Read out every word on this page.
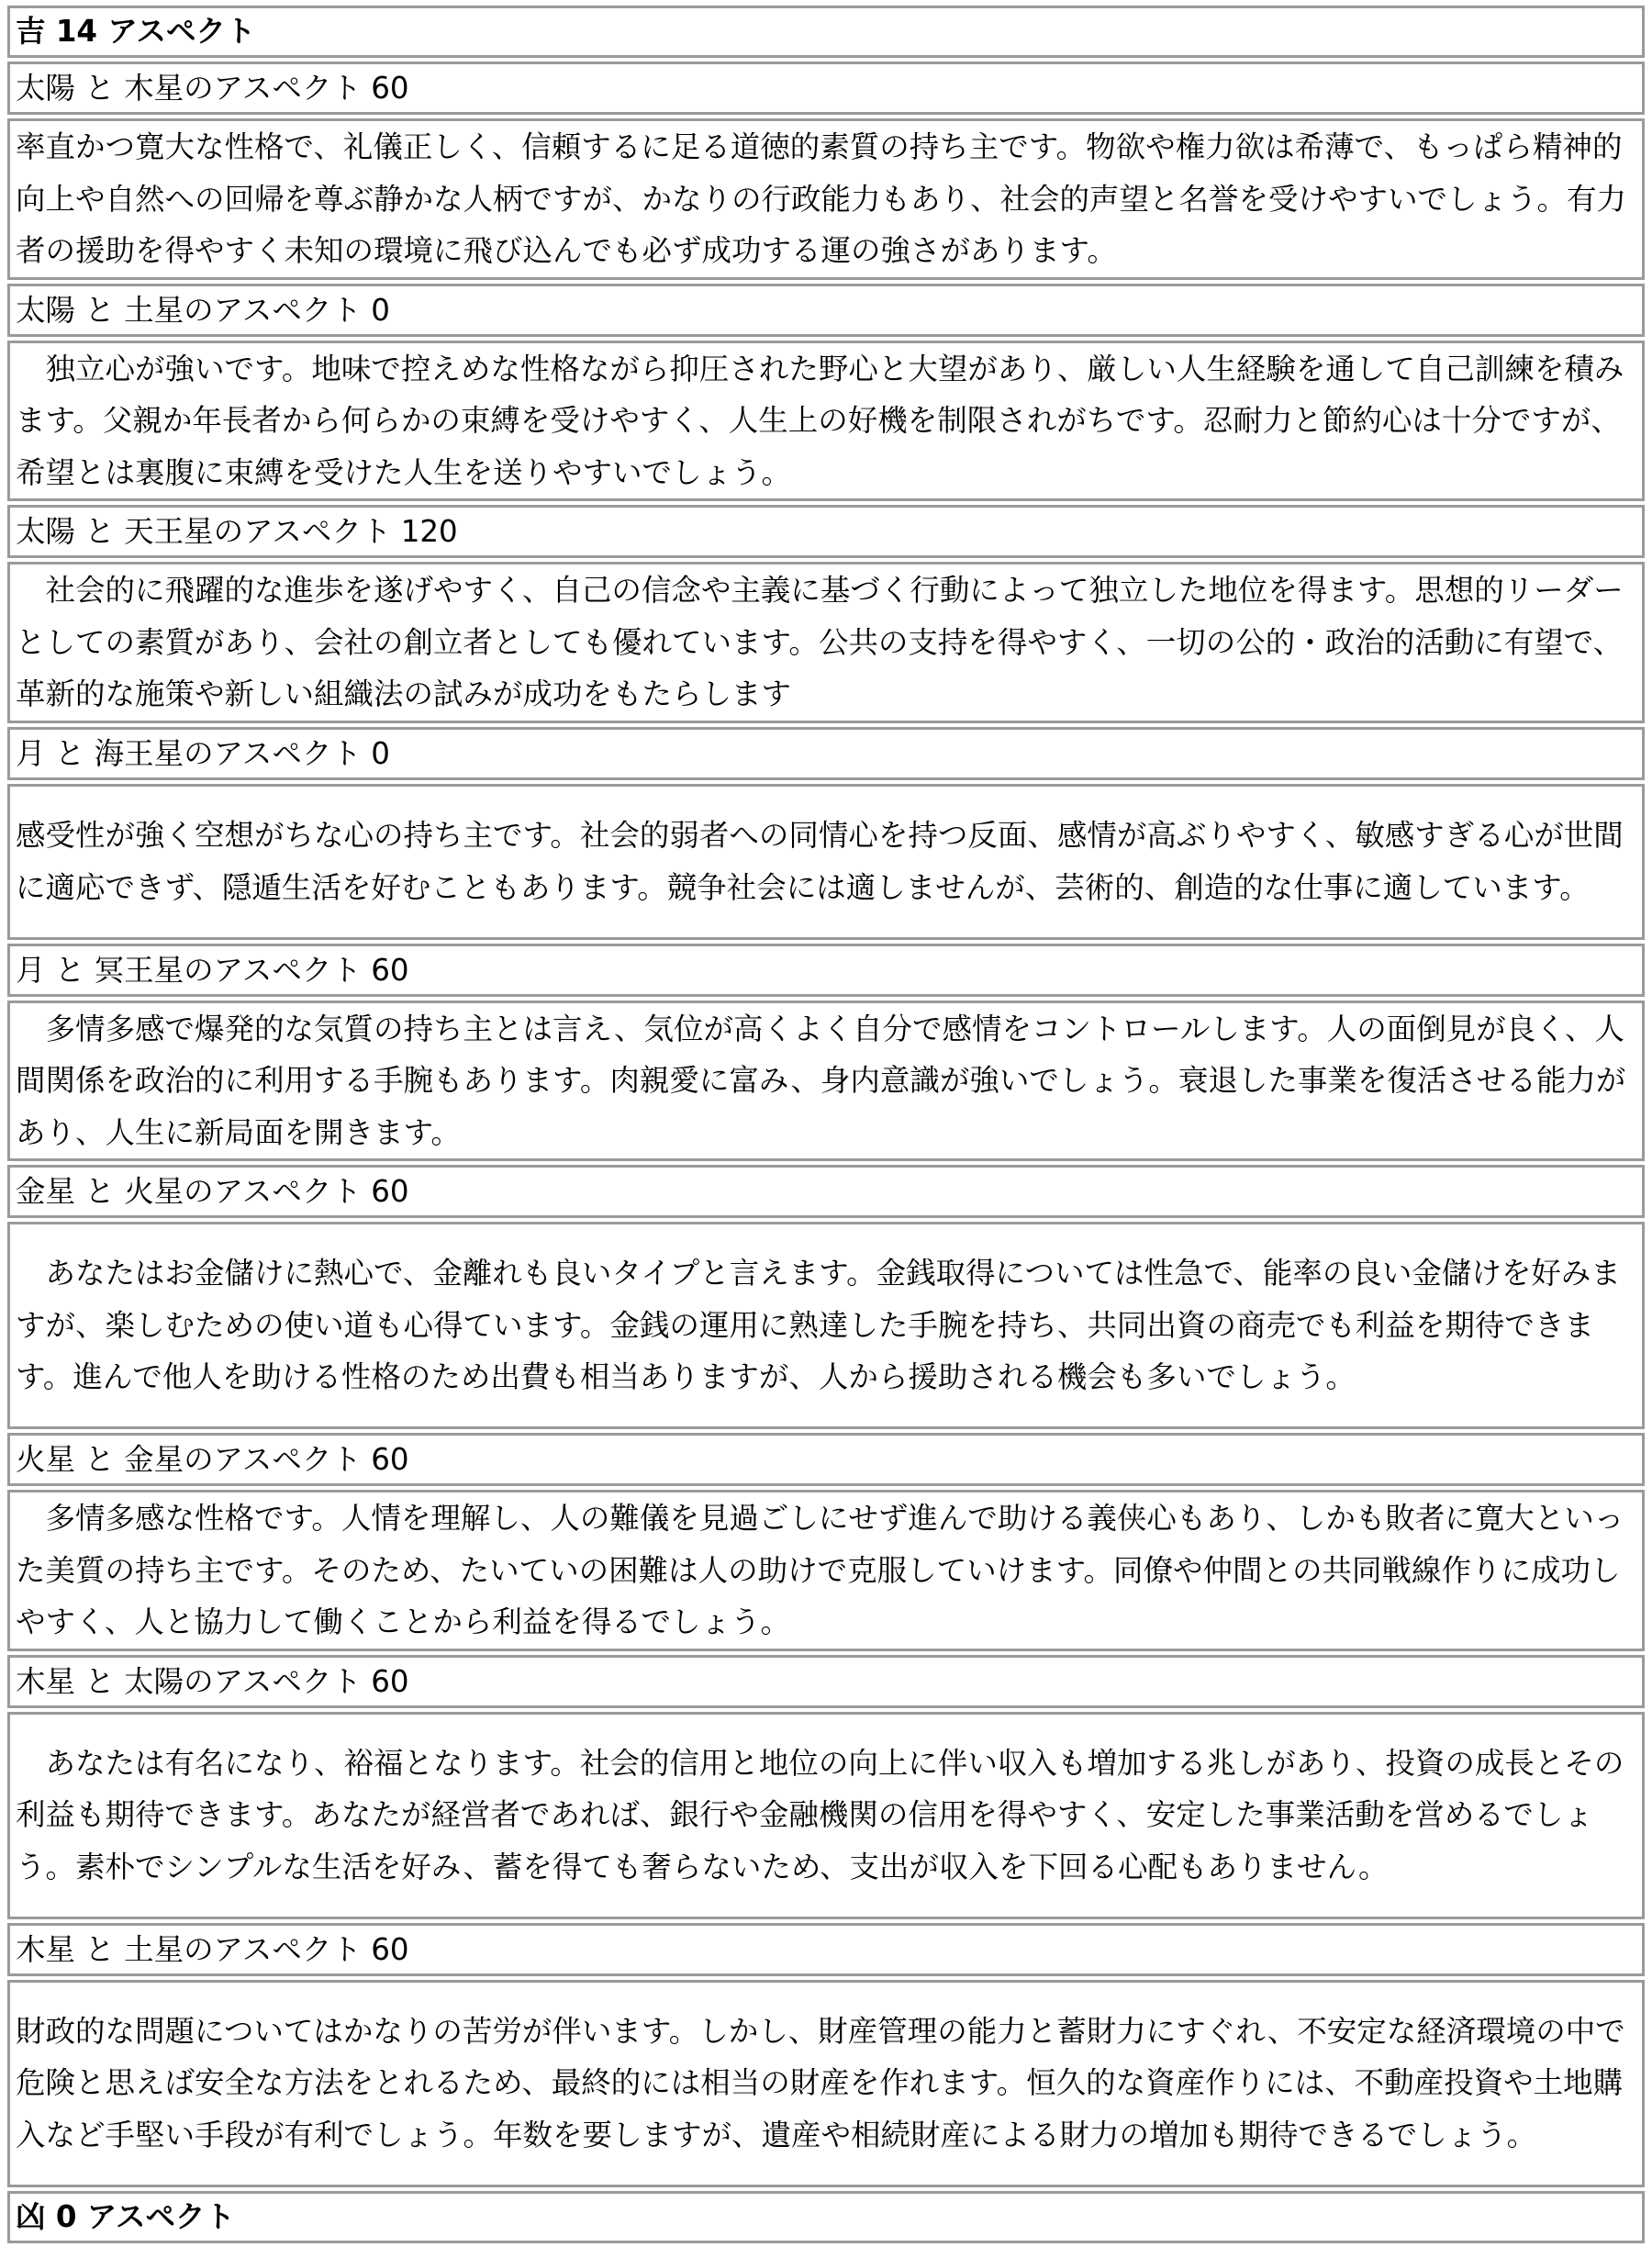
吉 14 アスペクト
太陽 と 木星のアスペクト 60
率直かつ寛大な性格で、礼儀正しく、信頼するに足る道徳的素質の持ち主です。物欲や権力欲は希薄で、もっぱら精神的向上や自然への回帰を尊ぶ静かな人柄ですが、かなりの行政能力もあり、社会的声望と名誉を受けやすいでしょう。有力者の援助を得やすく未知の環境に飛び込んでも必ず成功する運の強さがあります。
太陽 と 土星のアスペクト 0
独立心が強いです。地味で控えめな性格ながら抑圧された野心と大望があり、厳しい人生経験を通して自己訓練を積みます。父親か年長者から何らかの束縛を受けやすく、人生上の好機を制限されがちです。忍耐力と節約心は十分ですが、希望とは裏腹に束縛を受けた人生を送りやすいでしょう。
太陽 と 天王星のアスペクト 120
社会的に飛躍的な進歩を遂げやすく、自己の信念や主義に基づく行動によって独立した地位を得ます。思想的リーダーとしての素質があり、会社の創立者としても優れています。公共の支持を得やすく、一切の公的・政治的活動に有望で、革新的な施策や新しい組織法の試みが成功をもたらします
月 と 海王星のアスペクト 0
感受性が強く空想がちな心の持ち主です。社会的弱者への同情心を持つ反面、感情が高ぶりやすく、敏感すぎる心が世間に適応できず、隠遁生活を好むこともあります。競争社会には適しませんが、芸術的、創造的な仕事に適しています。
月 と 冥王星のアスペクト 60
多情多感で爆発的な気質の持ち主とは言え、気位が高くよく自分で感情をコントロールします。人の面倒見が良く、人間関係を政治的に利用する手腕もあります。肉親愛に富み、身内意識が強いでしょう。衰退した事業を復活させる能力があり、人生に新局面を開きます。
金星 と 火星のアスペクト 60
あなたはお金儲けに熱心で、金離れも良いタイプと言えます。金銭取得については性急で、能率の良い金儲けを好みますが、楽しむための使い道も心得ています。金銭の運用に熟達した手腕を持ち、共同出資の商売でも利益を期待できます。進んで他人を助ける性格のため出費も相当ありますが、人から援助される機会も多いでしょう。
火星 と 金星のアスペクト 60
多情多感な性格です。人情を理解し、人の難儀を見過ごしにせず進んで助ける義侠心もあり、しかも敗者に寛大といった美質の持ち主です。そのため、たいていの困難は人の助けで克服していけます。同僚や仲間との共同戦線作りに成功しやすく、人と協力して働くことから利益を得るでしょう。
木星 と 太陽のアスペクト 60
あなたは有名になり、裕福となります。社会的信用と地位の向上に伴い収入も増加する兆しがあり、投資の成長とその利益も期待できます。あなたが経営者であれば、銀行や金融機関の信用を得やすく、安定した事業活動を営めるでしょう。素朴でシンプルな生活を好み、蓄を得ても奢らないため、支出が収入を下回る心配もありません。
木星 と 土星のアスペクト 60
財政的な問題についてはかなりの苦労が伴います。しかし、財産管理の能力と蓄財力にすぐれ、不安定な経済環境の中で危険と思えば安全な方法をとれるため、最終的には相当の財産を作れます。恒久的な資産作りには、不動産投資や土地購入など手堅い手段が有利でしょう。年数を要しますが、遺産や相続財産による財力の増加も期待できるでしょう。
凶 0 アスペクト
